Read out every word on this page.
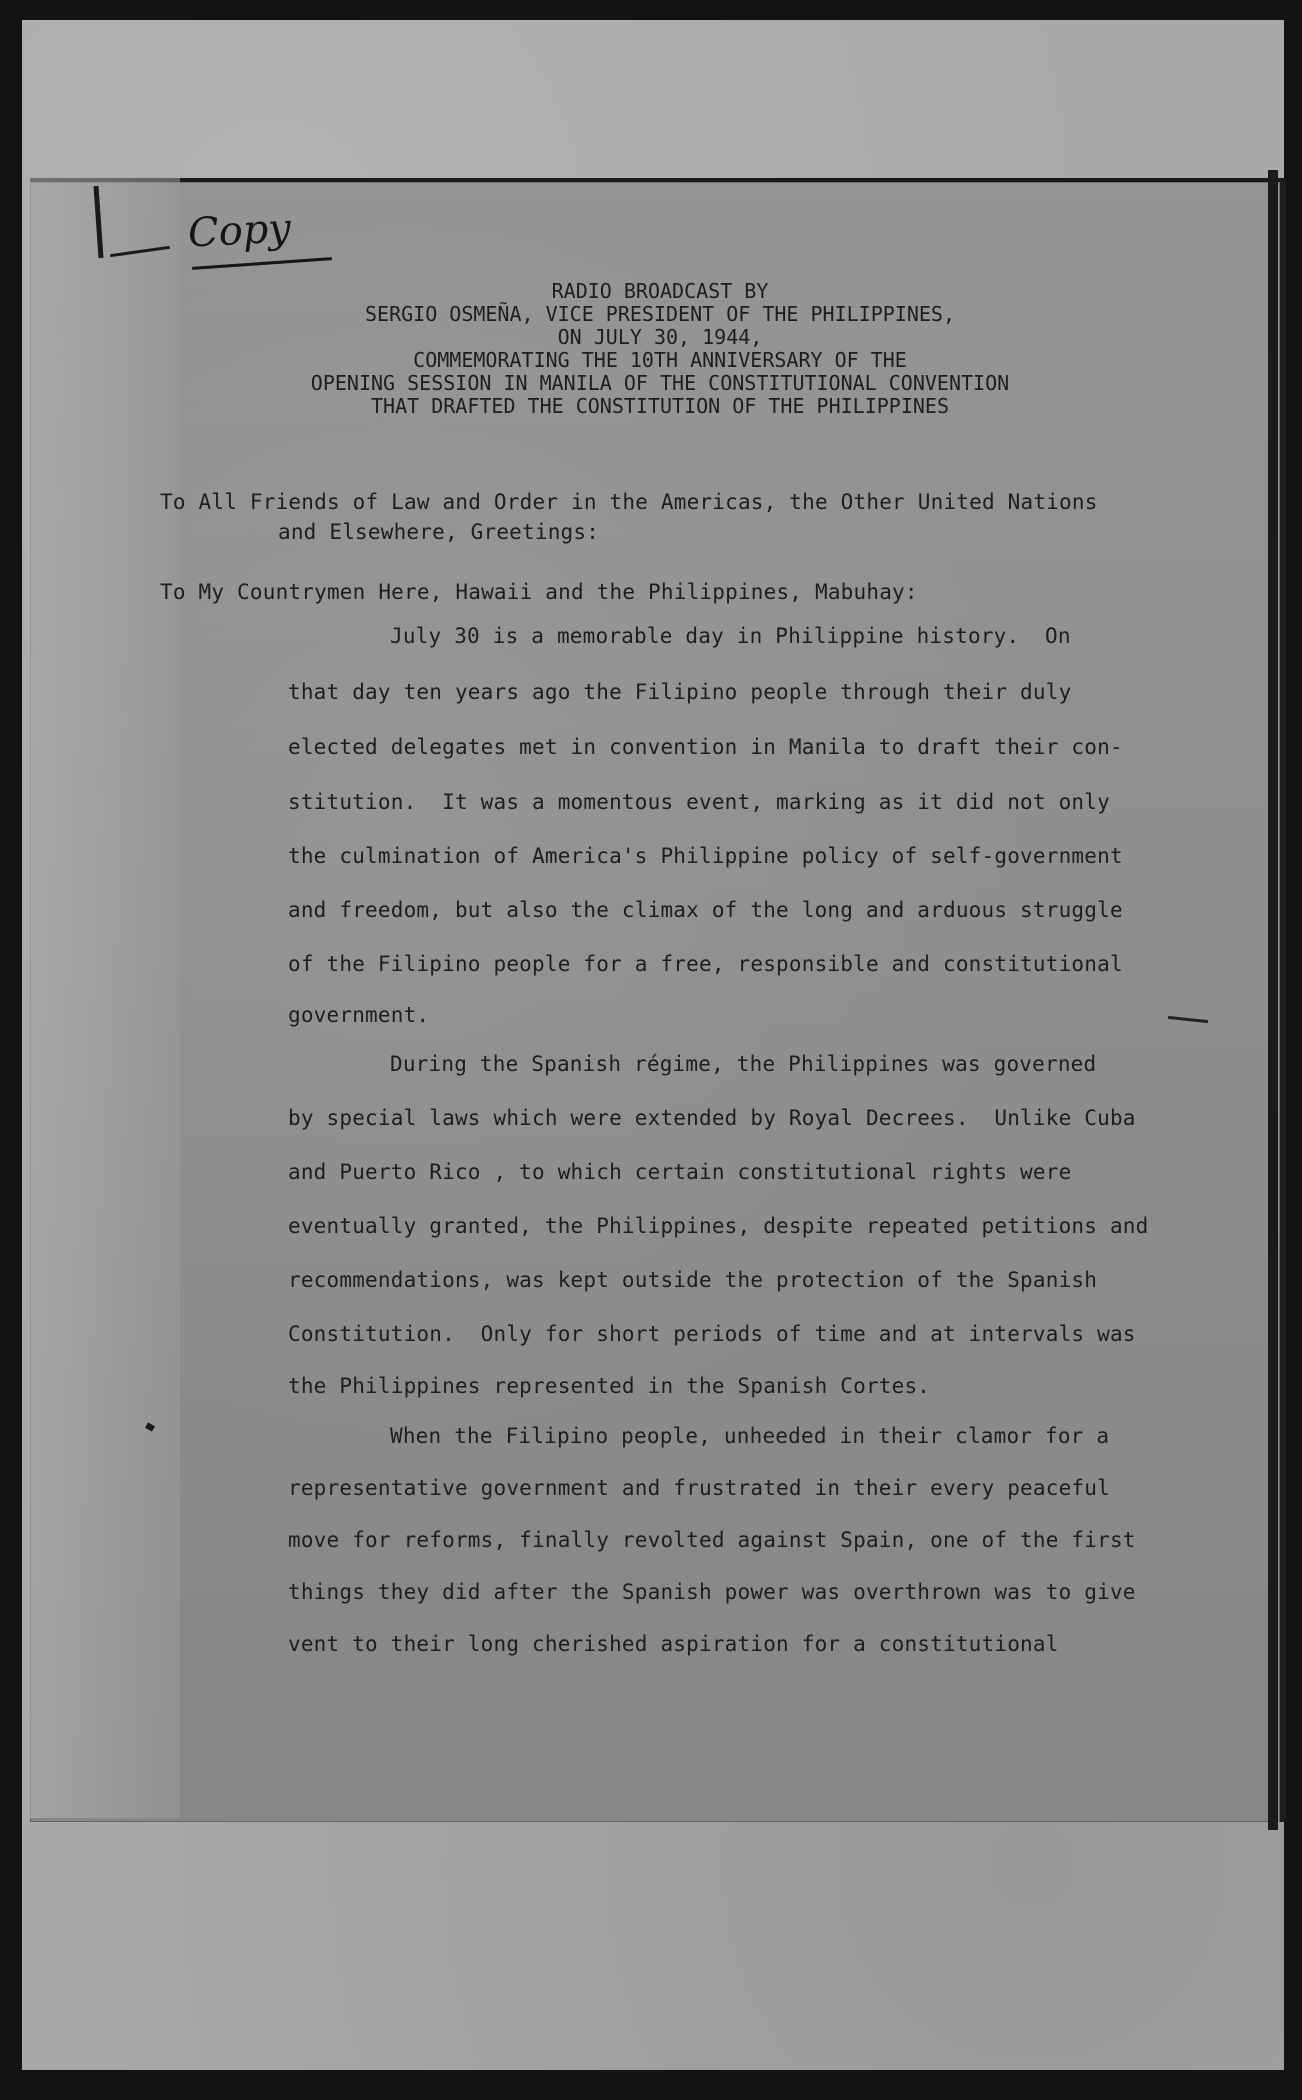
Copy
RADIO BROADCAST BY
SERGIO OSMEÑA, VICE PRESIDENT OF THE PHILIPPINES,
ON JULY 30, 1944,
COMMEMORATING THE 10TH ANNIVERSARY OF THE
OPENING SESSION IN MANILA OF THE CONSTITUTIONAL CONVENTION
THAT DRAFTED THE CONSTITUTION OF THE PHILIPPINES
To All Friends of Law and Order in the Americas, the Other United Nations
and Elsewhere, Greetings:
To My Countrymen Here, Hawaii and the Philippines, Mabuhay:
July 30 is a memorable day in Philippine history.  On
that day ten years ago the Filipino people through their duly
elected delegates met in convention in Manila to draft their con-
stitution.  It was a momentous event, marking as it did not only
the culmination of America's Philippine policy of self-government
and freedom, but also the climax of the long and arduous struggle
of the Filipino people for a free, responsible and constitutional
government.
During the Spanish régime, the Philippines was governed
by special laws which were extended by Royal Decrees.  Unlike Cuba
and Puerto Rico , to which certain constitutional rights were
eventually granted, the Philippines, despite repeated petitions and
recommendations, was kept outside the protection of the Spanish
Constitution.  Only for short periods of time and at intervals was
the Philippines represented in the Spanish Cortes.
When the Filipino people, unheeded in their clamor for a
representative government and frustrated in their every peaceful
move for reforms, finally revolted against Spain, one of the first
things they did after the Spanish power was overthrown was to give
vent to their long cherished aspiration for a constitutional
